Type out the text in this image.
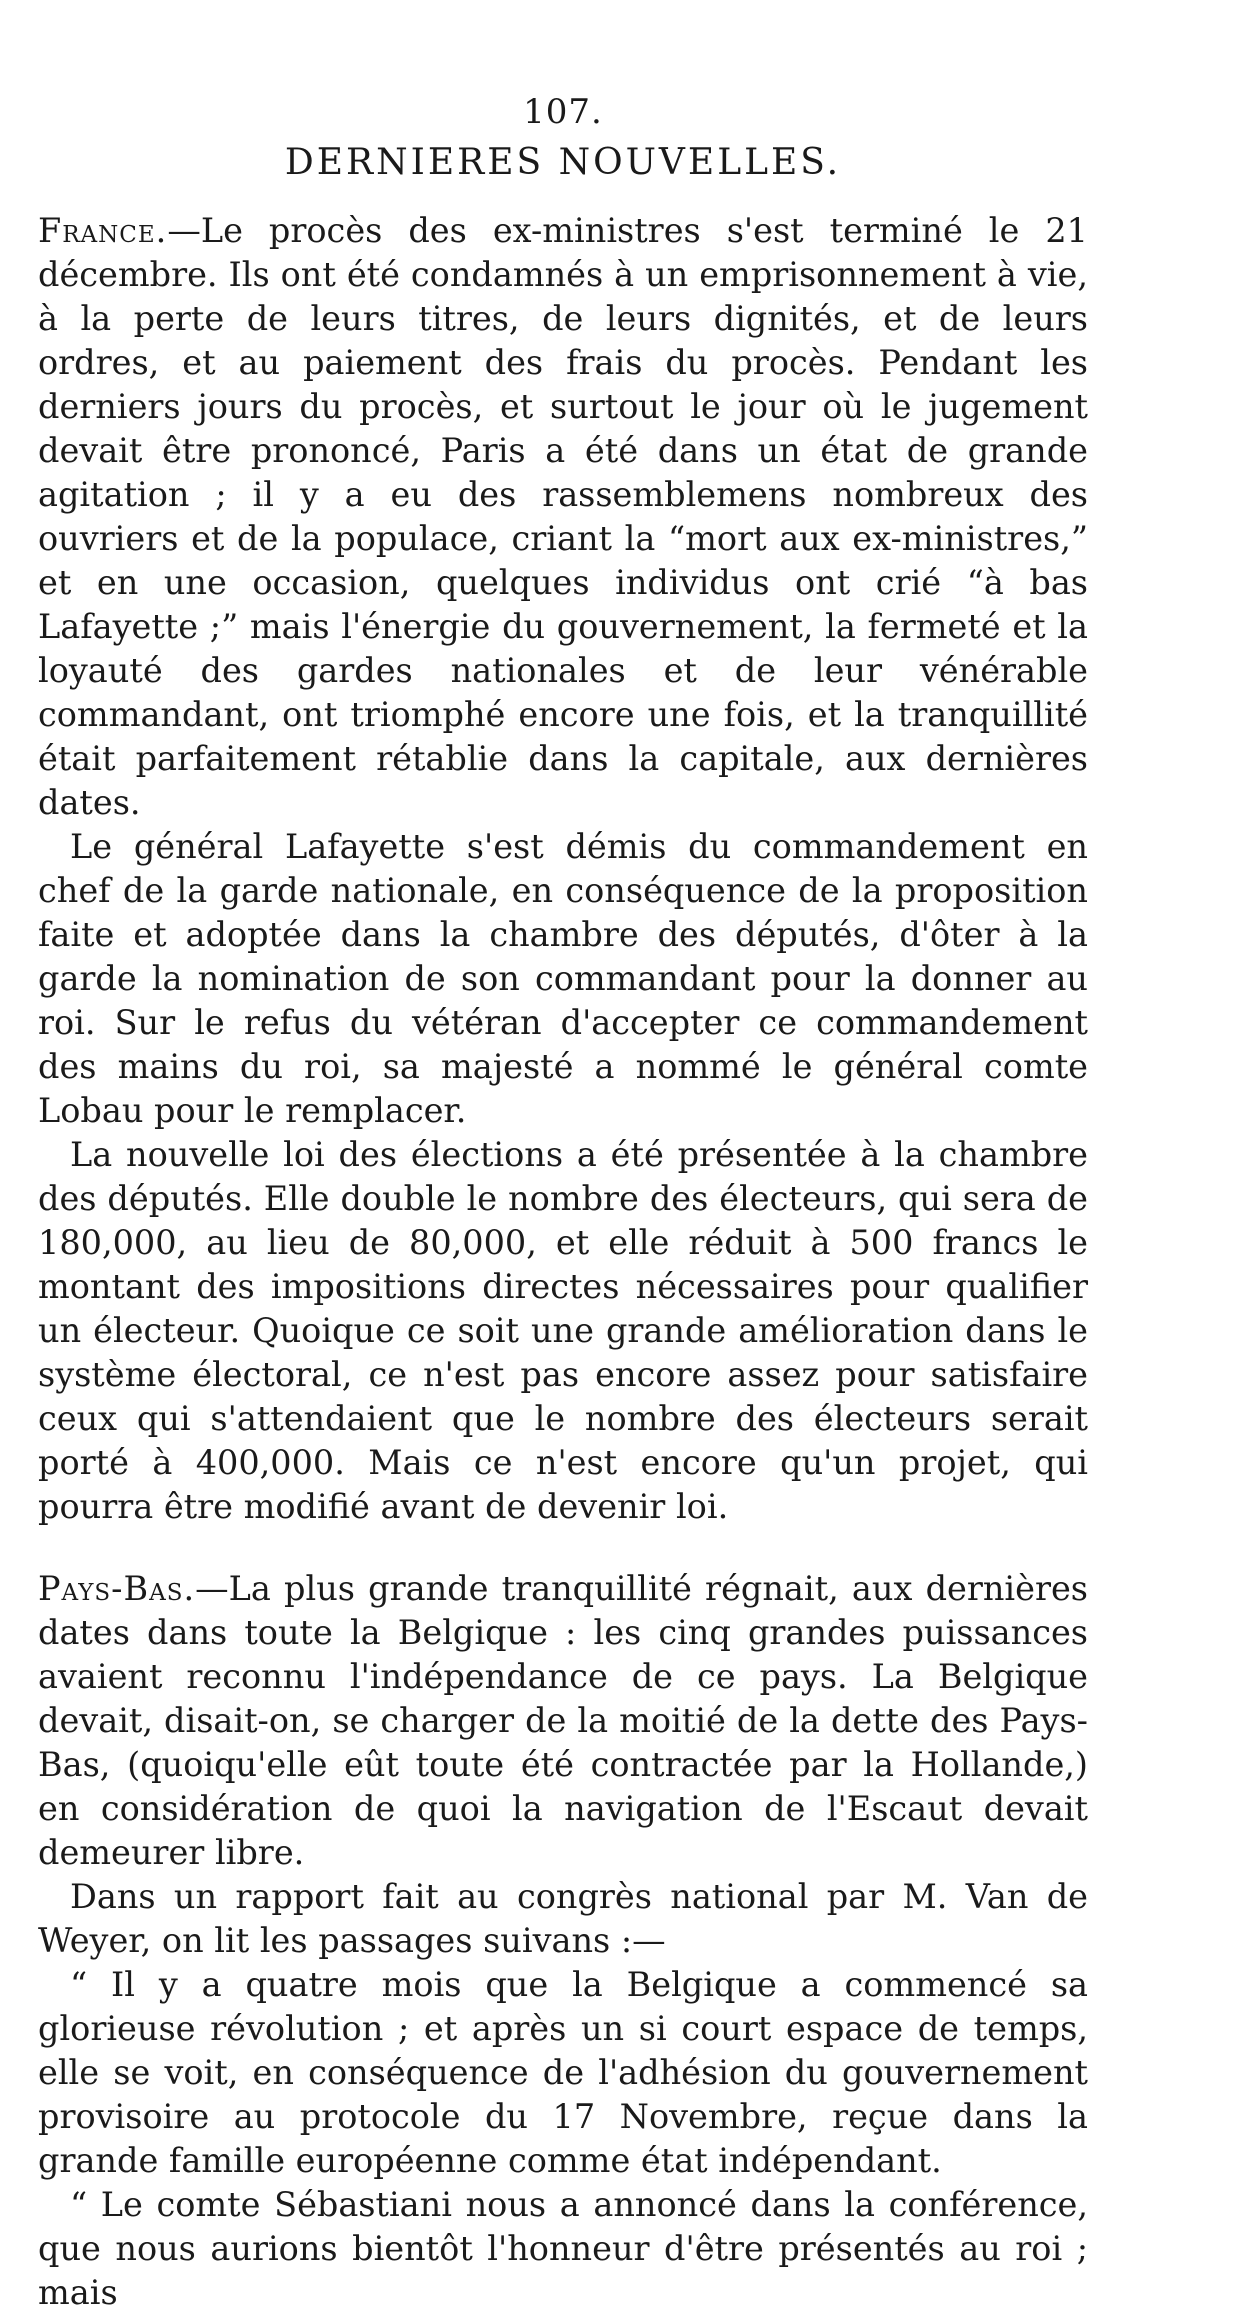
107.
DERNIERES NOUVELLES.

France.—Le procès des ex-ministres s'est terminé le 21 décembre. Ils ont été condamnés à un emprisonnement à vie, à la perte de leurs titres, de leurs dignités, et de leurs ordres, et au paiement des frais du procès. Pendant les derniers jours du procès, et surtout le jour où le jugement devait être prononcé, Paris a été dans un état de grande agitation ; il y a eu des rassemblemens nombreux des ouvriers et de la populace, criant la “mort aux ex-ministres,” et en une occasion, quelques individus ont crié “à bas Lafayette ;” mais l'énergie du gouvernement, la fermeté et la loyauté des gardes nationales et de leur vénérable commandant, ont triomphé encore une fois, et la tranquillité était parfaitement rétablie dans la capitale, aux dernières dates.

Le général Lafayette s'est démis du commandement en chef de la garde nationale, en conséquence de la proposition faite et adoptée dans la chambre des députés, d'ôter à la garde la nomination de son commandant pour la donner au roi. Sur le refus du vétéran d'accepter ce commandement des mains du roi, sa majesté a nommé le général comte Lobau pour le remplacer.

La nouvelle loi des élections a été présentée à la chambre des députés. Elle double le nombre des électeurs, qui sera de 180,000, au lieu de 80,000, et elle réduit à 500 francs le montant des impositions directes nécessaires pour qualifier un électeur. Quoique ce soit une grande amélioration dans le système électoral, ce n'est pas encore assez pour satisfaire ceux qui s'attendaient que le nombre des électeurs serait porté à 400,000. Mais ce n'est encore qu'un projet, qui pourra être modifié avant de devenir loi.

Pays-Bas.—La plus grande tranquillité régnait, aux dernières dates dans toute la Belgique : les cinq grandes puissances avaient reconnu l'indépendance de ce pays. La Belgique devait, disait-on, se charger de la moitié de la dette des Pays-Bas, (quoiqu'elle eût toute été contractée par la Hollande,) en considération de quoi la navigation de l'Escaut devait demeurer libre.

Dans un rapport fait au congrès national par M. Van de Weyer, on lit les passages suivans :—

“ Il y a quatre mois que la Belgique a commencé sa glorieuse révolution ; et après un si court espace de temps, elle se voit, en conséquence de l'adhésion du gouvernement provisoire au protocole du 17 Novembre, reçue dans la grande famille européenne comme état indépendant.

“ Le comte Sébastiani nous a annoncé dans la conférence, que nous aurions bientôt l'honneur d'être présentés au roi ; mais
